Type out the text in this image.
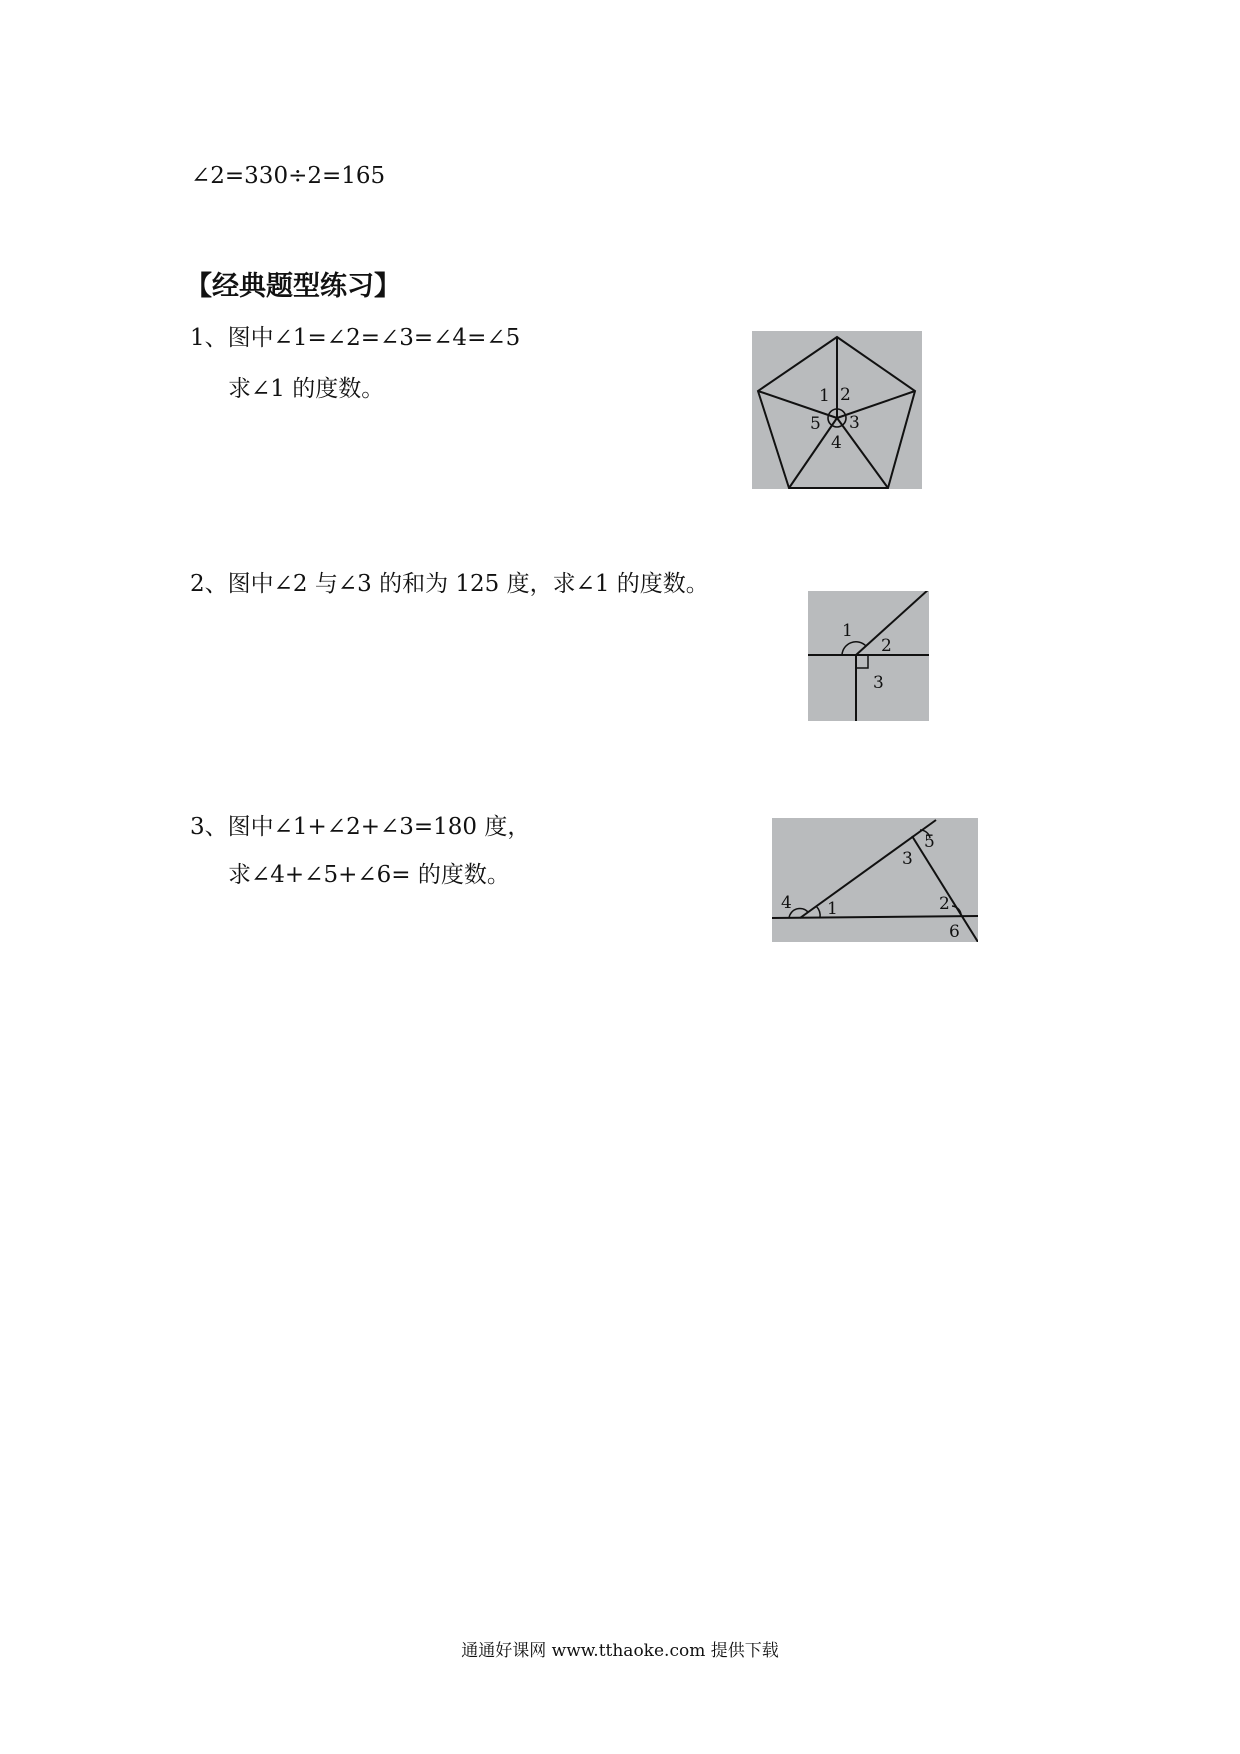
∠2=330÷2=165
【经典题型练习】
1、图中∠1=∠2=∠3=∠4=∠5
求∠1 的度数。	1 2
3
4
5
2、图中∠2 与∠3 的和为 125 度，求∠1 的度数。
1
2
3
3、图中∠1+∠2+∠3=180 度，
求∠4+∠5+∠6= 的度数。
1	2
3
4
5
6
通通好课网 www.tthaoke.com 提供下载
